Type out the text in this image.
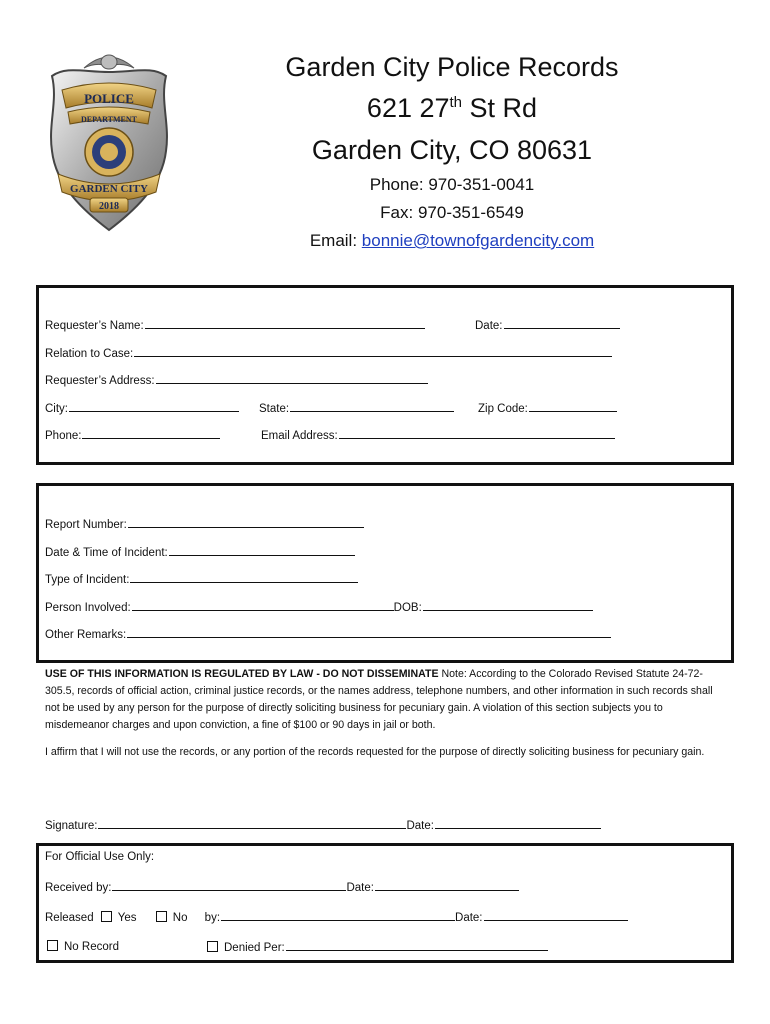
POLICE
DEPARTMENT
GARDEN CITY
2018
Garden City Police Records
621 27th St Rd
Garden City, CO 80631
Phone: 970-351-0041
Fax: 970-351-6549
Email: bonnie@townofgardencity.com
Requester’s Name:	Date:
Relation to Case:
Requester’s Address:
City:	State:	Zip Code:
Phone:	Email Address:
Report Number:
Date & Time of Incident:
Type of Incident:
Person Involved:	DOB:
Other Remarks:
USE OF THIS INFORMATION IS REGULATED BY LAW - DO NOT DISSEMINATE Note: According to the Colorado Revised Statute 24-72-305.5, records of official action, criminal justice records, or the names address, telephone numbers, and other information in such records shall not be used by any person for the purpose of directly soliciting business for pecuniary gain. A violation of this section subjects you to misdemeanor charges and upon conviction, a fine of $100 or 90 days in jail or both.
I affirm that I will not use the records, or any portion of the records requested for the purpose of directly soliciting business for pecuniary gain.
Signature:	Date:
For Official Use Only:
Received by:	Date:
Released Yes	No by:	Date:
No Record	Denied Per:
